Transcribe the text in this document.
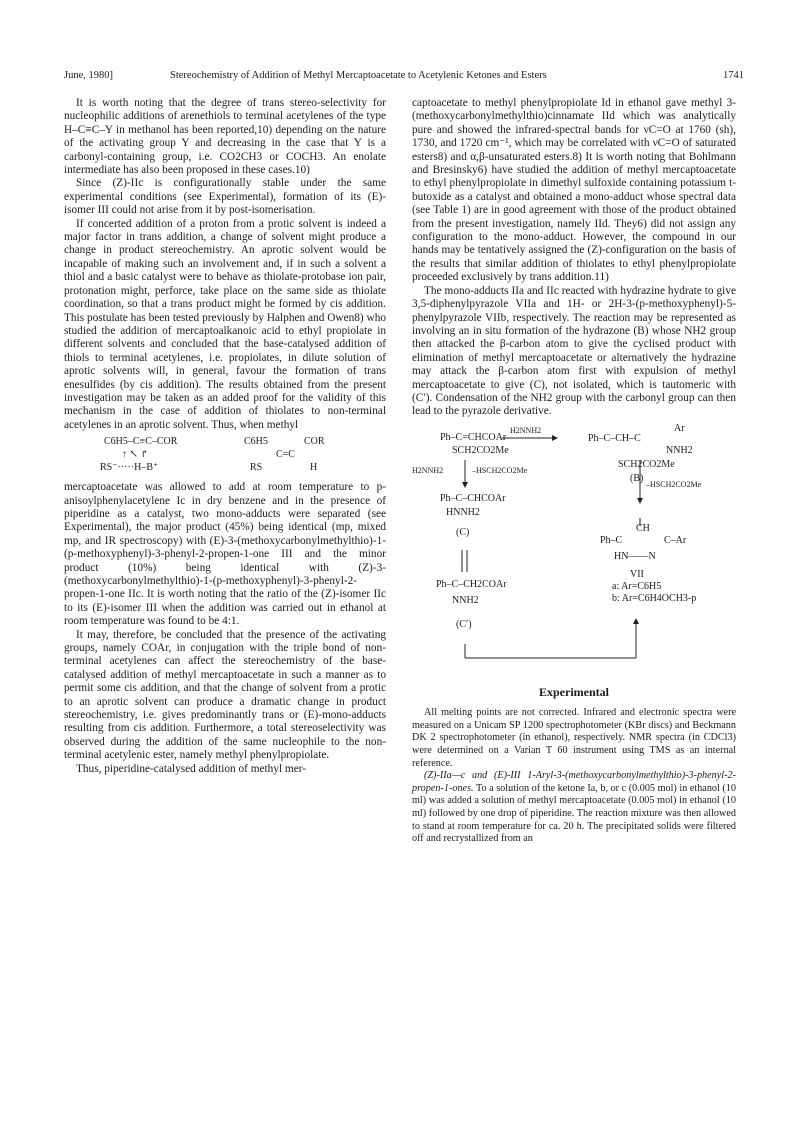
June, 1980]	Stereochemistry of Addition of Methyl Mercaptoacetate to Acetylenic Ketones and Esters	1741

It is worth noting that the degree of trans stereo-selectivity for nucleophilic additions of arenethiols to terminal acetylenes of the type H–C≡C–Y in methanol has been reported,10) depending on the nature of the activating group Y and decreasing in the case that Y is a carbonyl-containing group, i.e. CO2CH3 or COCH3. An enolate intermediate has also been proposed in these cases.10)

Since (Z)-IIc is configurationally stable under the same experimental conditions (see Experimental), formation of its (E)-isomer III could not arise from it by post-isomerisation.

If concerted addition of a proton from a protic solvent is indeed a major factor in trans addition, a change of solvent might produce a change in product stereochemistry. An aprotic solvent would be incapable of making such an involvement and, if in such a solvent a thiol and a basic catalyst were to behave as thiolate-protobase ion pair, protonation might, perforce, take place on the same side as thiolate coordination, so that a trans product might be formed by cis addition. This postulate has been tested previously by Halphen and Owen8) who studied the addition of mercaptoalkanoic acid to ethyl propiolate in different solvents and concluded that the base-catalysed addition of thiols to terminal acetylenes, i.e. propiolates, in dilute solution of aprotic solvents will, in general, favour the formation of trans enesulfides (by cis addition). The results obtained from the present investigation may be taken as an added proof for the validity of this mechanism in the case of addition of thiolates to non-terminal acetylenes in an aprotic solvent. Thus, when methyl

C6H5–C≡C–COR
↑ ↖ ↱
RS⁻·····H–B⁺
C6H5	COR
C=C
RS	H

mercaptoacetate was allowed to add at room temperature to p-anisoylphenylacetylene Ic in dry benzene and in the presence of piperidine as a catalyst, two mono-adducts were separated (see Experimental), the major product (45%) being identical (mp, mixed mp, and IR spectroscopy) with (E)-3-(methoxycarbonylmethylthio)-1-(p-methoxyphenyl)-3-phenyl-2-propen-1-one III and the minor product (10%) being identical with (Z)-3-(methoxycarbonylmethylthio)-1-(p-methoxyphenyl)-3-phenyl-2-propen-1-one IIc. It is worth noting that the ratio of the (Z)-isomer IIc to its (E)-isomer III when the addition was carried out in ethanol at room temperature was found to be 4:1.

It may, therefore, be concluded that the presence of the activating groups, namely COAr, in conjugation with the triple bond of non-terminal acetylenes can affect the stereochemistry of the base-catalysed addition of methyl mercaptoacetate in such a manner as to permit some cis addition, and that the change of solvent from a protic to an aprotic solvent can produce a dramatic change in product stereochemistry, i.e. gives predominantly trans or (E)-mono-adducts resulting from cis addition. Furthermore, a total stereoselectivity was observed during the addition of the same nucleophile to the non-terminal acetylenic ester, namely methyl phenylpropiolate.

Thus, piperidine-catalysed addition of methyl mer-

captoacetate to methyl phenylpropiolate Id in ethanol gave methyl 3-(methoxycarbonylmethylthio)cinnamate IId which was analytically pure and showed the infrared-spectral bands for νC=O at 1760 (sh), 1730, and 1720 cm⁻¹, which may be correlated with νC=O of saturated esters8) and α,β-unsaturated esters.8) It is worth noting that Bohlmann and Bresinsky6) have studied the addition of methyl mercaptoacetate to ethyl phenylpropiolate in dimethyl sulfoxide containing potassium t-butoxide as a catalyst and obtained a mono-adduct whose spectral data (see Table 1) are in good agreement with those of the product obtained from the present investigation, namely IId. They6) did not assign any configuration to the mono-adduct. However, the compound in our hands may be tentatively assigned the (Z)-configuration on the basis of the results that similar addition of thiolates to ethyl phenylpropiolate proceeded exclusively by trans addition.11)

The mono-adducts IIa and IIc reacted with hydrazine hydrate to give 3,5-diphenylpyrazole VIIa and 1H- or 2H-3-(p-methoxyphenyl)-5-phenylpyrazole VIIb, respectively. The reaction may be represented as involving an in situ formation of the hydrazone (B) whose NH2 group then attacked the β-carbon atom to give the cyclised product with elimination of methyl mercaptoacetate or alternatively the hydrazine may attack the β-carbon atom first with expulsion of methyl mercaptoacetate to give (C), not isolated, which is tautomeric with (C′). Condensation of the NH2 group with the carbonyl group can then lead to the pyrazole derivative.

Ph–C=CHCOAr
SCH2CO2Me
H2NNH2	Ar
Ph–C–CH–C
NNH2
SCH2CO2Me
(B)
H2NNH2	–HSCH2CO2Me
Ph–C–CHCOAr
HNNH2
(C)
–HSCH2CO2Me
CH
Ph–C	C–Ar
HN——N
VII
a: Ar=C6H5
b: Ar=C6H4OCH3-p
Ph–C–CH2COAr
NNH2
(C′)
Experimental

All melting points are not corrected. Infrared and electronic spectra were measured on a Unicam SP 1200 spectrophotometer (KBr discs) and Beckmann DK 2 spectrophotometer (in ethanol), respectively. NMR spectra (in CDCl3) were determined on a Varian T 60 instrument using TMS as an internal reference.

(Z)-IIa—c and (E)-III 1-Aryl-3-(methoxycarbonylmethylthio)-3-phenyl-2-propen-1-ones. To a solution of the ketone Ia, b, or c (0.005 mol) in ethanol (10 ml) was added a solution of methyl mercaptoacetate (0.005 mol) in ethanol (10 ml) followed by one drop of piperidine. The reaction mixture was then allowed to stand at room temperature for ca. 20 h. The precipitated solids were filtered off and recrystallized from an
